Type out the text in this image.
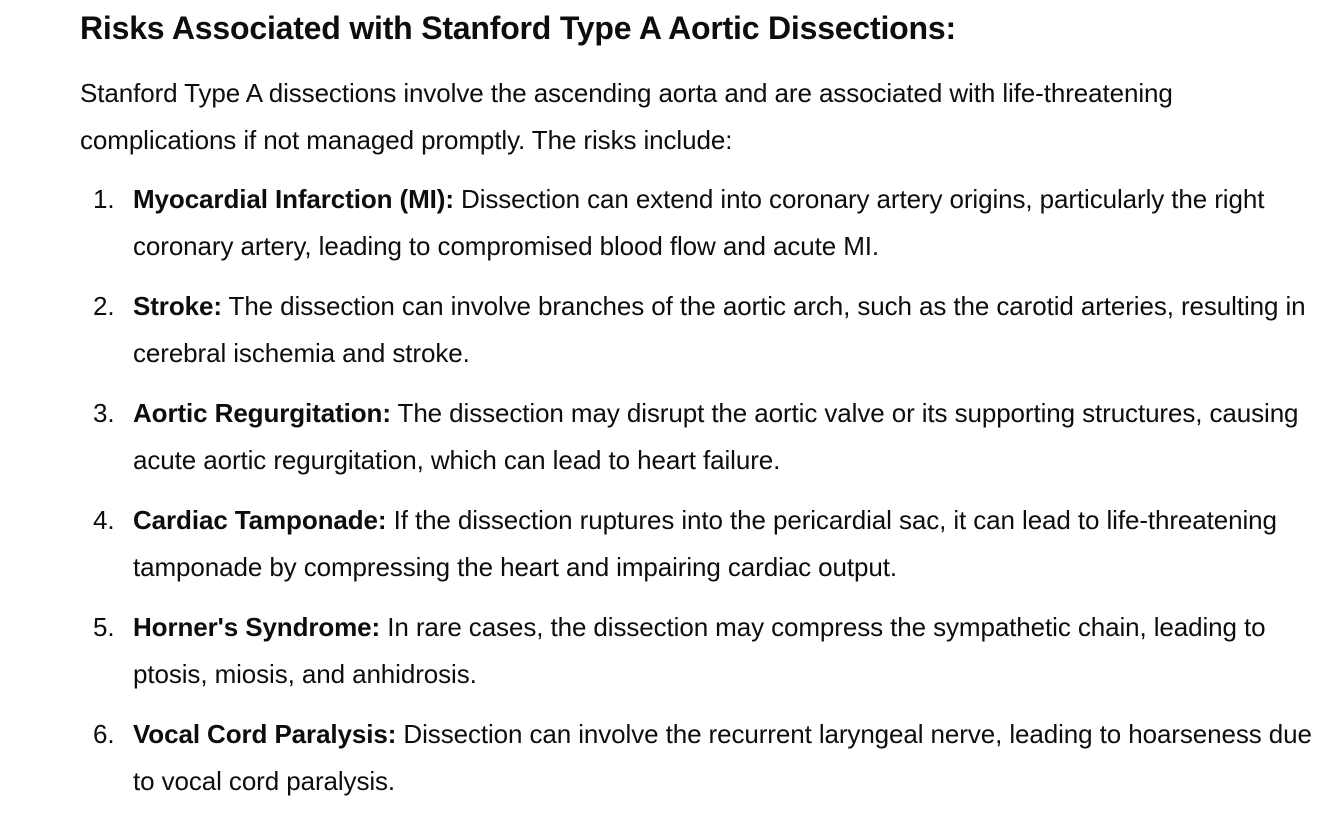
Risks Associated with Stanford Type A Aortic Dissections:

Stanford Type A dissections involve the ascending aorta and are associated with life-threatening complications if not managed promptly. The risks include:

1. Myocardial Infarction (MI): Dissection can extend into coronary artery origins, particularly the right coronary artery, leading to compromised blood flow and acute MI.
2. Stroke: The dissection can involve branches of the aortic arch, such as the carotid arteries, resulting in cerebral ischemia and stroke.
3. Aortic Regurgitation: The dissection may disrupt the aortic valve or its supporting structures, causing acute aortic regurgitation, which can lead to heart failure.
4. Cardiac Tamponade: If the dissection ruptures into the pericardial sac, it can lead to life-threatening tamponade by compressing the heart and impairing cardiac output.
5. Horner's Syndrome: In rare cases, the dissection may compress the sympathetic chain, leading to ptosis, miosis, and anhidrosis.
6. Vocal Cord Paralysis: Dissection can involve the recurrent laryngeal nerve, leading to hoarseness due to vocal cord paralysis.
